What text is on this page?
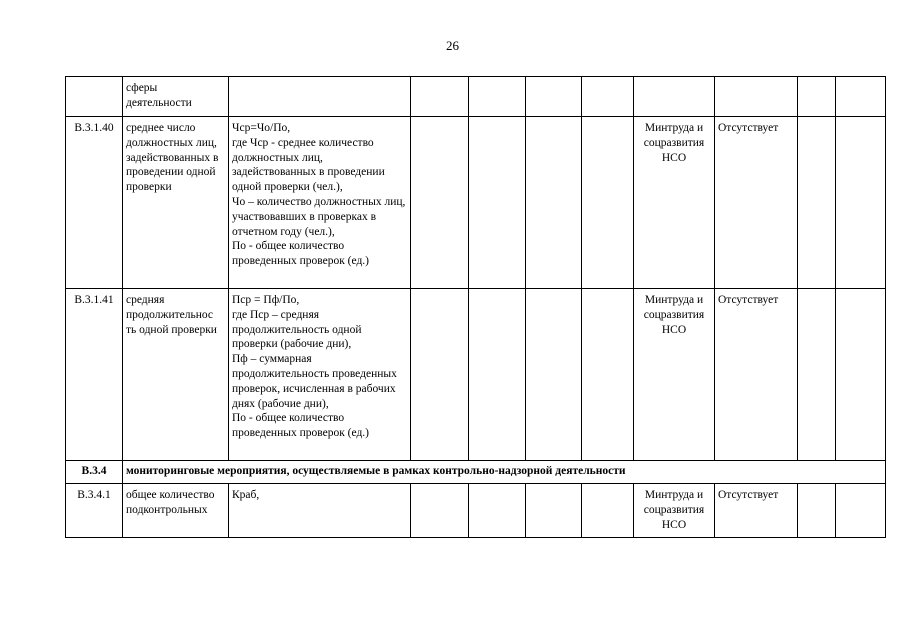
26
	сферы деятельности									
В.3.1.40	среднее число должностных лиц, задействованных в проведении одной проверки	Чср=Чо/По,
где Чср - среднее количество должностных лиц, задействованных в проведении одной проверки (чел.),
Чо – количество должностных лиц, участвовавших в проверках в отчетном году (чел.),
По - общее количество проведенных проверок (ед.)					Минтруда и соцразвития НСО	Отсутствует		
В.3.1.41	средняя продолжительнос ть одной проверки	Пср = Пф/По,
где Пср – средняя продолжительность одной проверки (рабочие дни),
Пф – суммарная продолжительность проведенных проверок, исчисленная в рабочих днях (рабочие дни),
По - общее количество проведенных проверок (ед.)					Минтруда и соцразвития НСО	Отсутствует		
В.3.4	мониторинговые мероприятия, осуществляемые в рамках контрольно-надзорной деятельности									
В.3.4.1	общее количество подконтрольных	Краб,					Минтруда и соцразвития НСО	Отсутствует		
